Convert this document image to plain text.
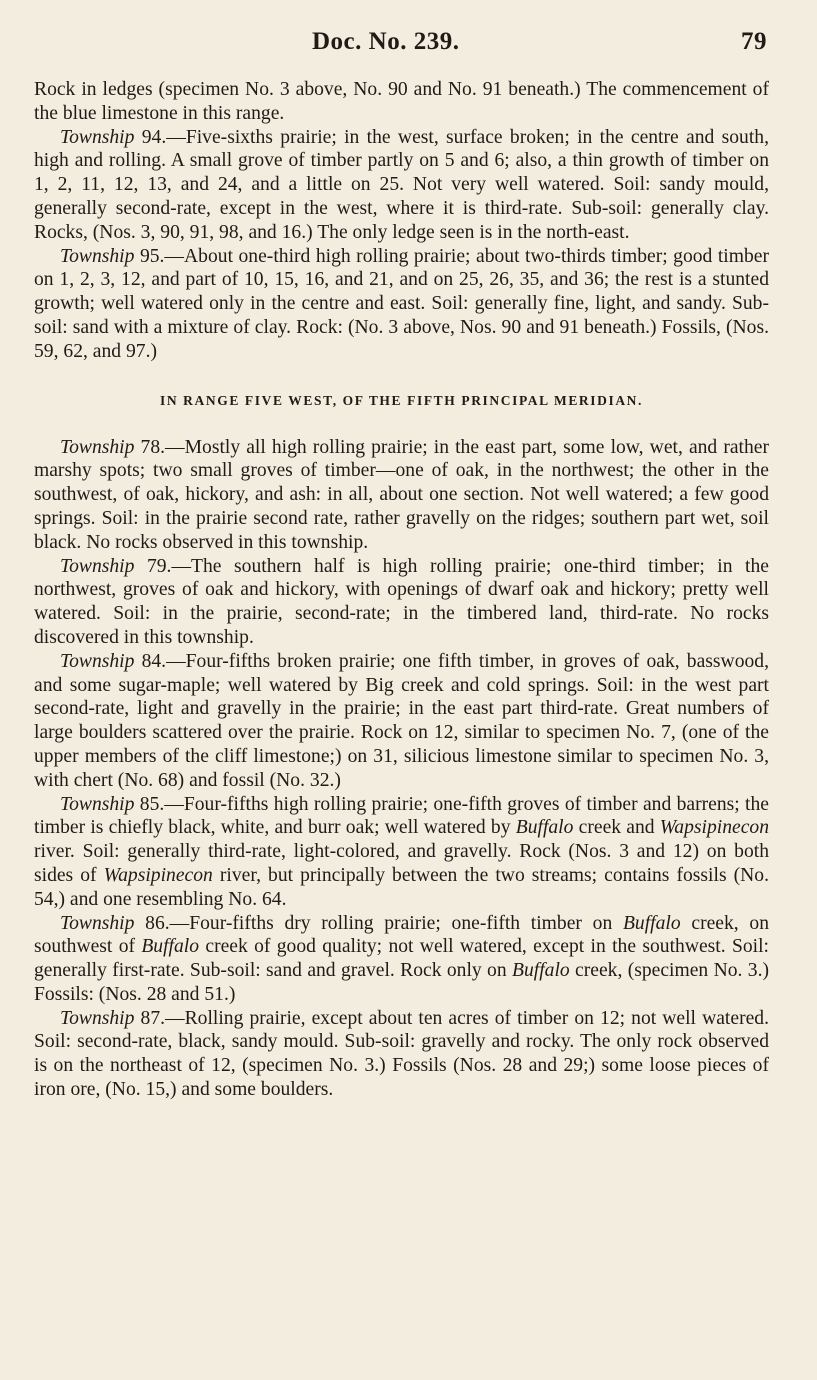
Doc. No. 239.	79

Rock in ledges (specimen No. 3 above, No. 90 and No. 91 beneath.) The commencement of the blue limestone in this range.

Township 94.—Five-sixths prairie; in the west, surface broken; in the centre and south, high and rolling. A small grove of timber partly on 5 and 6; also, a thin growth of timber on 1, 2, 11, 12, 13, and 24, and a little on 25. Not very well watered. Soil: sandy mould, generally second-rate, except in the west, where it is third-rate. Sub-soil: generally clay. Rocks, (Nos. 3, 90, 91, 98, and 16.) The only ledge seen is in the north-east.

Township 95.—About one-third high rolling prairie; about two-thirds timber; good timber on 1, 2, 3, 12, and part of 10, 15, 16, and 21, and on 25, 26, 35, and 36; the rest is a stunted growth; well watered only in the centre and east. Soil: generally fine, light, and sandy. Sub-soil: sand with a mixture of clay. Rock: (No. 3 above, Nos. 90 and 91 beneath.) Fossils, (Nos. 59, 62, and 97.)

IN RANGE FIVE WEST, OF THE FIFTH PRINCIPAL MERIDIAN.

Township 78.—Mostly all high rolling prairie; in the east part, some low, wet, and rather marshy spots; two small groves of timber—one of oak, in the northwest; the other in the southwest, of oak, hickory, and ash: in all, about one section. Not well watered; a few good springs. Soil: in the prairie second rate, rather gravelly on the ridges; southern part wet, soil black. No rocks observed in this township.

Township 79.—The southern half is high rolling prairie; one-third timber; in the northwest, groves of oak and hickory, with openings of dwarf oak and hickory; pretty well watered. Soil: in the prairie, second-rate; in the timbered land, third-rate. No rocks discovered in this township.

Township 84.—Four-fifths broken prairie; one fifth timber, in groves of oak, basswood, and some sugar-maple; well watered by Big creek and cold springs. Soil: in the west part second-rate, light and gravelly in the prairie; in the east part third-rate. Great numbers of large boulders scattered over the prairie. Rock on 12, similar to specimen No. 7, (one of the upper members of the cliff limestone;) on 31, silicious limestone similar to specimen No. 3, with chert (No. 68) and fossil (No. 32.)

Township 85.—Four-fifths high rolling prairie; one-fifth groves of timber and barrens; the timber is chiefly black, white, and burr oak; well watered by Buffalo creek and Wapsipinecon river. Soil: generally third-rate, light-colored, and gravelly. Rock (Nos. 3 and 12) on both sides of Wapsipinecon river, but principally between the two streams; contains fossils (No. 54,) and one resembling No. 64.

Township 86.—Four-fifths dry rolling prairie; one-fifth timber on Buffalo creek, on southwest of Buffalo creek of good quality; not well watered, except in the southwest. Soil: generally first-rate. Sub-soil: sand and gravel. Rock only on Buffalo creek, (specimen No. 3.) Fossils: (Nos. 28 and 51.)

Township 87.—Rolling prairie, except about ten acres of timber on 12; not well watered. Soil: second-rate, black, sandy mould. Sub-soil: gravelly and rocky. The only rock observed is on the northeast of 12, (specimen No. 3.) Fossils (Nos. 28 and 29;) some loose pieces of iron ore, (No. 15,) and some boulders.
